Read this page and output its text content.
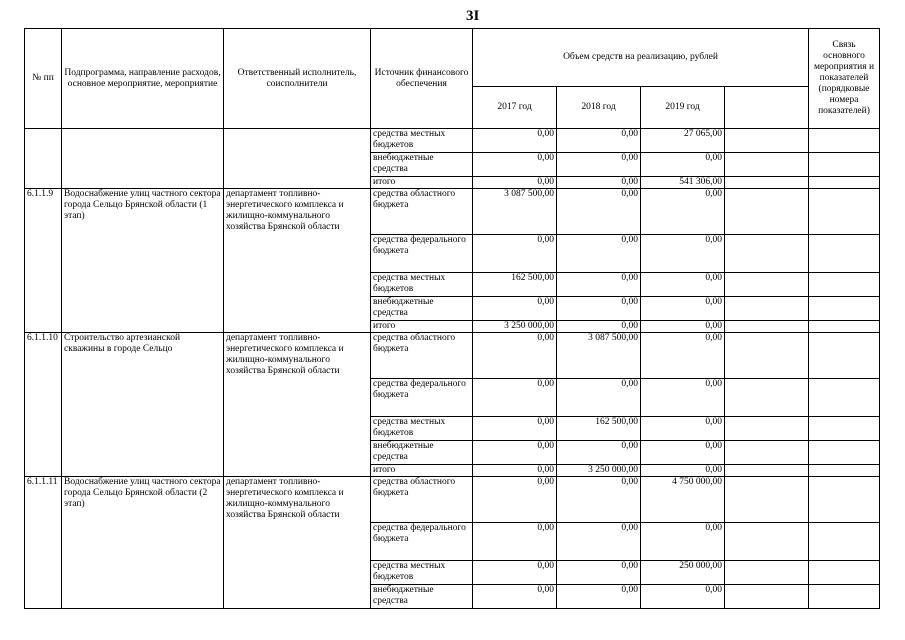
3I
№ пп	Подпрограмма, направление расходов, основное мероприятие, мероприятие	Ответственный исполнитель, соисполнители	Источник финансового обеспечения	Объем средств на реализацию, рублей				Связь основного мероприятия и показателей (порядковые номера показателей)
				2017 год	2018 год	2019 год		
			средства местных бюджетов	0,00	0,00	27 065,00		
			внебюджетные средства	0,00	0,00	0,00		
			итого	0,00	0,00	541 306,00		
6.1.1.9	Водоснабжение улиц частного сектора города Сельцо Брянской области (1 этап)	департамент топливно-энергетического комплекса и жилищно-коммунального хозяйства Брянской области	средства областного бюджета	3 087 500,00	0,00	0,00		
			средства федерального бюджета	0,00	0,00	0,00		
			средства местных бюджетов	162 500,00	0,00	0,00		
			внебюджетные средства	0,00	0,00	0,00		
			итого	3 250 000,00	0,00	0,00		
6.1.1.10	Строительство артезианской скважины в городе Сельцо	департамент топливно-энергетического комплекса и жилищно-коммунального хозяйства Брянской области	средства областного бюджета	0,00	3 087 500,00	0,00		
			средства федерального бюджета	0,00	0,00	0,00		
			средства местных бюджетов	0,00	162 500,00	0,00		
			внебюджетные средства	0,00	0,00	0,00		
			итого	0,00	3 250 000,00	0,00		
6.1.1.11	Водоснабжение улиц частного сектора города Сельцо Брянской области (2 этап)	департамент топливно-энергетического комплекса и жилищно-коммунального хозяйства Брянской области	средства областного бюджета	0,00	0,00	4 750 000,00		
			средства федерального бюджета	0,00	0,00	0,00		
			средства местных бюджетов	0,00	0,00	250 000,00		
			внебюджетные средства	0,00	0,00	0,00		
